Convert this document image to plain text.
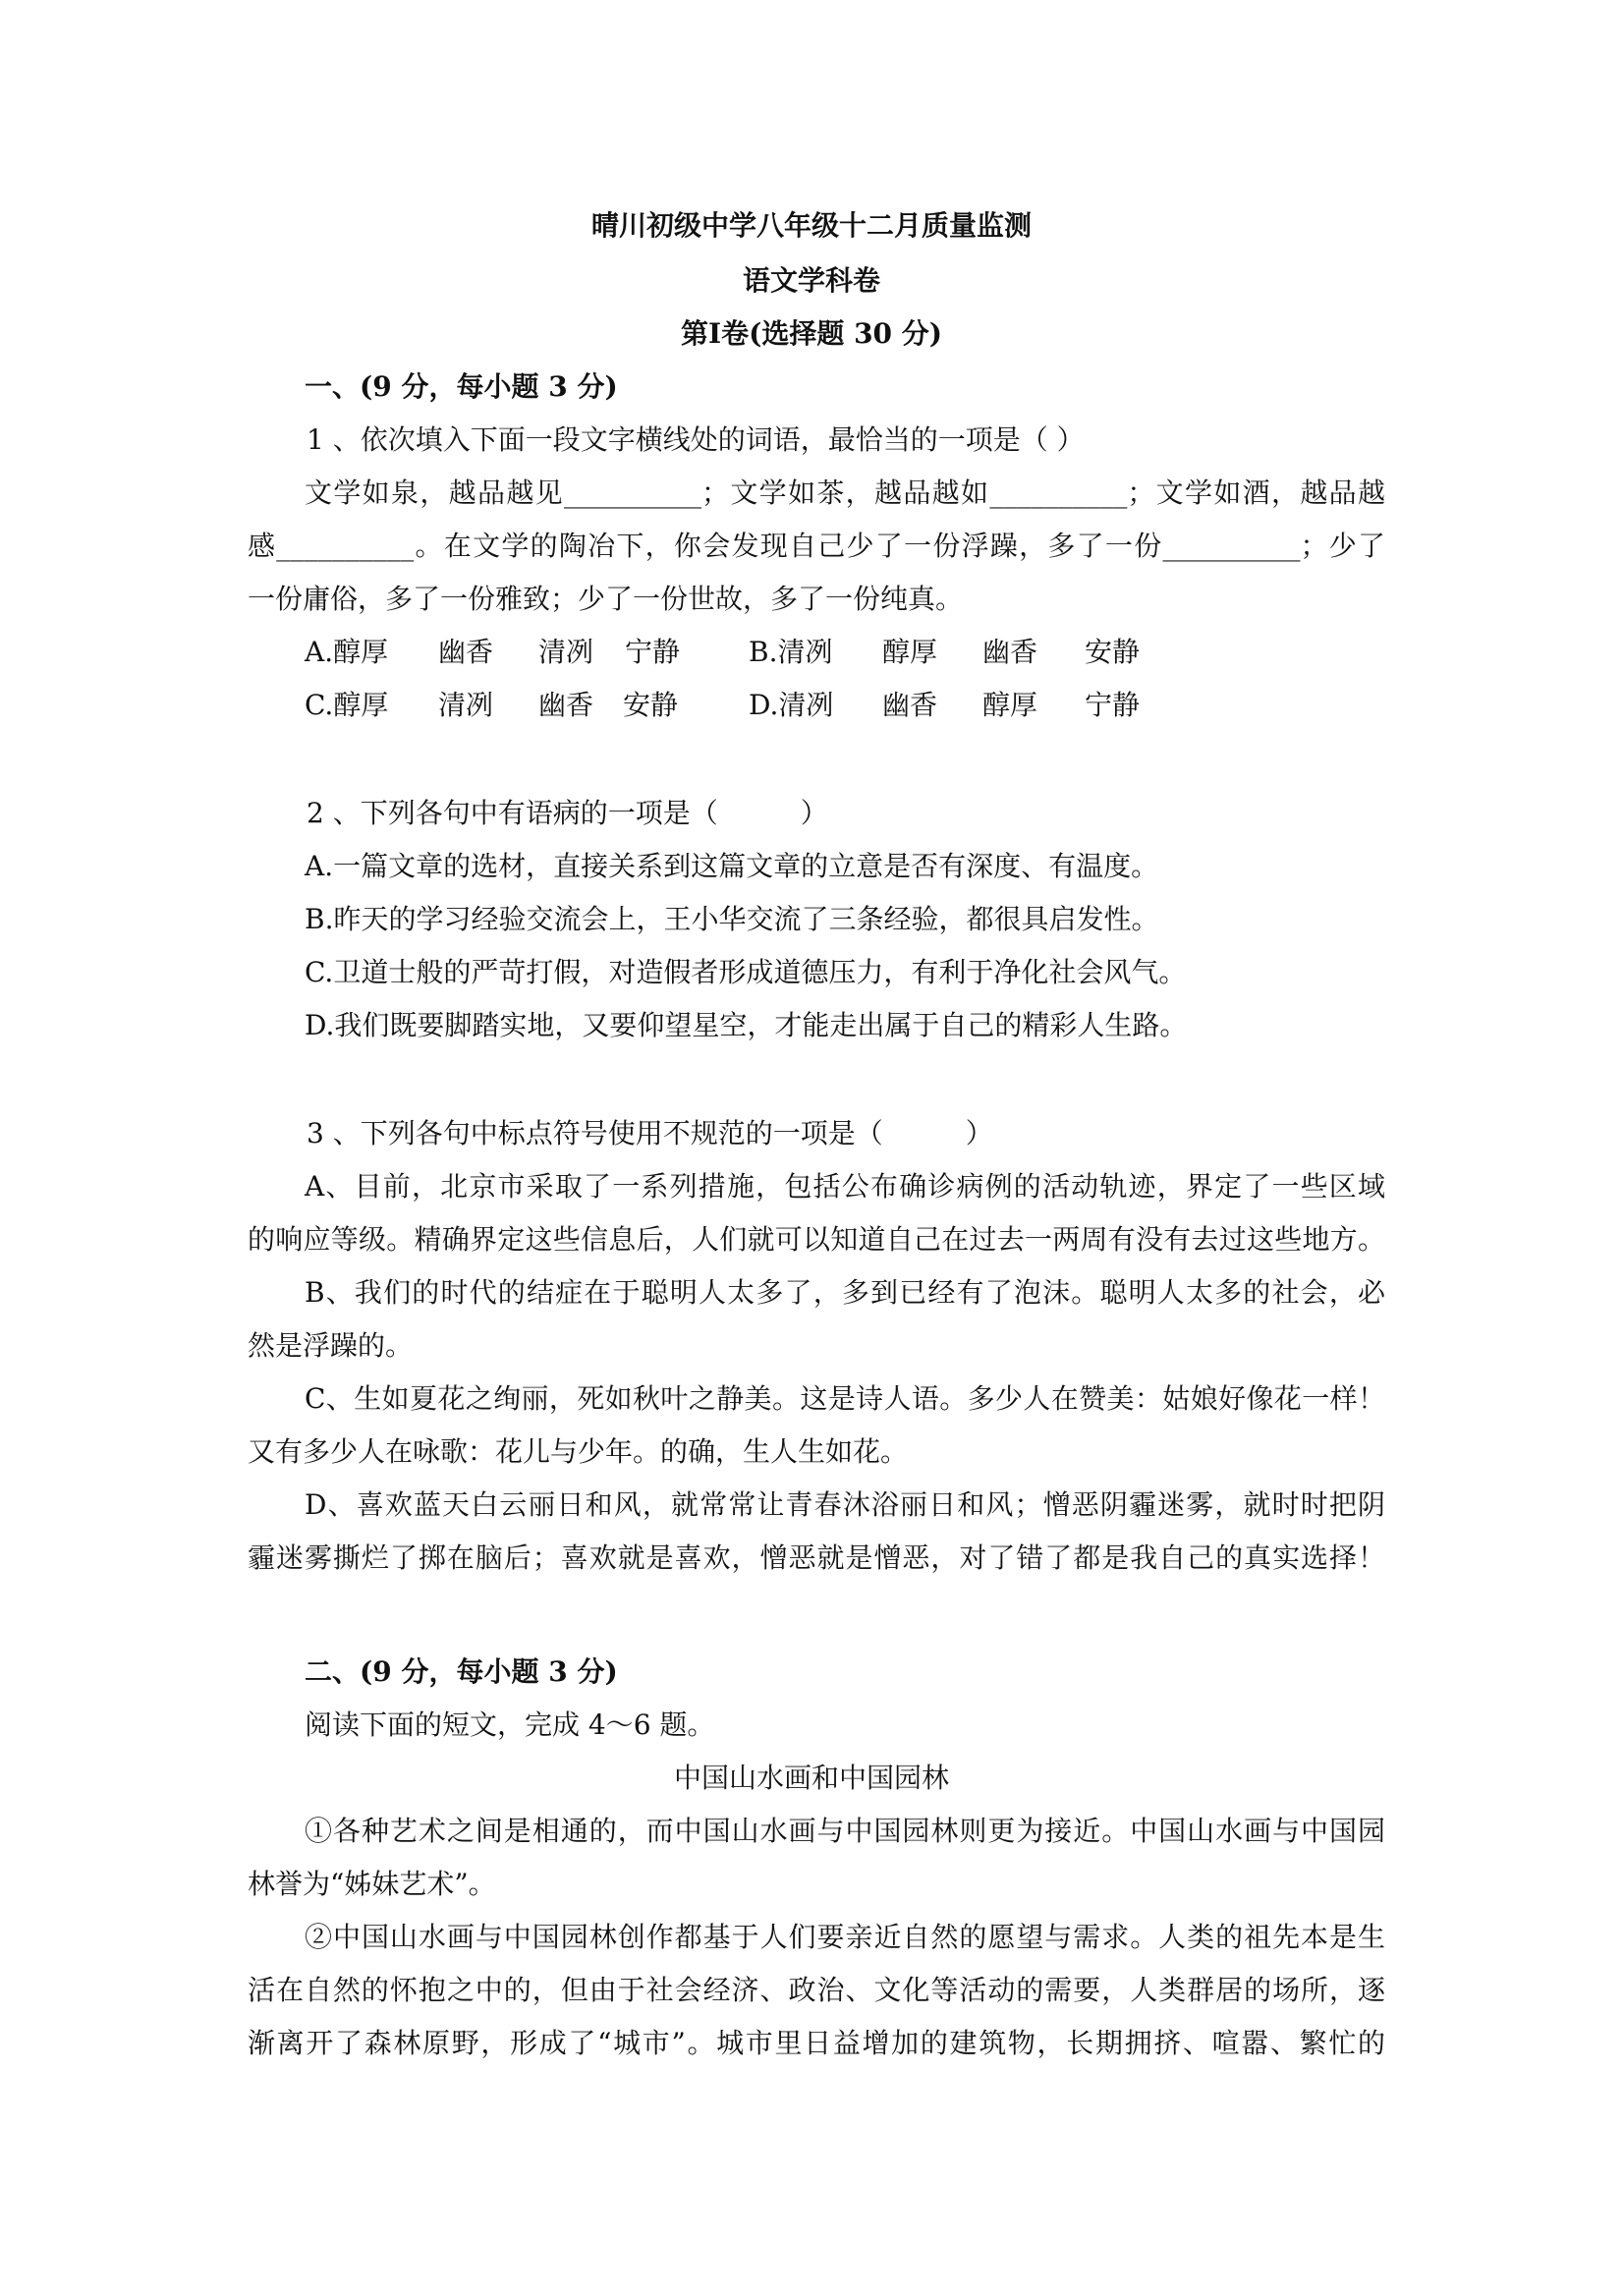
晴川初级中学八年级十二月质量监测
语文学科卷
第Ⅰ卷(选择题 30 分)
一、(9 分，每小题 3 分)
1 、依次填入下面一段文字横线处的词语，最恰当的一项是（ ）
文学如泉，越品越见__________；文学如茶，越品越如__________；文学如酒，越品越
感__________。在文学的陶冶下，你会发现自己少了一份浮躁，多了一份__________；少了
一份庸俗，多了一份雅致；少了一份世故，多了一份纯真。
A.醇厚 幽香 清冽 宁静 B.清冽 醇厚 幽香 安静
C.醇厚 清冽 幽香 安静	D.清冽 幽香 醇厚 宁静
2 、下列各句中有语病的一项是（　　　）
A.一篇文章的选材，直接关系到这篇文章的立意是否有深度、有温度。
B.昨天的学习经验交流会上，王小华交流了三条经验，都很具启发性。
C.卫道士般的严苛打假，对造假者形成道德压力，有利于净化社会风气。
D.我们既要脚踏实地，又要仰望星空，才能走出属于自己的精彩人生路。
3 、下列各句中标点符号使用不规范的一项是（　　　）
A、目前，北京市采取了一系列措施，包括公布确诊病例的活动轨迹，界定了一些区域
的响应等级。精确界定这些信息后，人们就可以知道自己在过去一两周有没有去过这些地方。
B、我们的时代的结症在于聪明人太多了，多到已经有了泡沫。聪明人太多的社会，必
然是浮躁的。
C、生如夏花之绚丽，死如秋叶之静美。这是诗人语。多少人在赞美：姑娘好像花一样！
又有多少人在咏歌：花儿与少年。的确，生人生如花。
D、喜欢蓝天白云丽日和风，就常常让青春沐浴丽日和风；憎恶阴霾迷雾，就时时把阴
霾迷雾撕烂了掷在脑后；喜欢就是喜欢，憎恶就是憎恶，对了错了都是我自己的真实选择！
二、(9 分，每小题 3 分)
阅读下面的短文，完成 4～6 题。
中国山水画和中国园林
①各种艺术之间是相通的，而中国山水画与中国园林则更为接近。中国山水画与中国园
林誉为“姊妹艺术”。
②中国山水画与中国园林创作都基于人们要亲近自然的愿望与需求。人类的祖先本是生
活在自然的怀抱之中的，但由于社会经济、政治、文化等活动的需要，人类群居的场所，逐
渐离开了森林原野，形成了“城市”。城市里日益增加的建筑物，长期拥挤、喧嚣、繁忙的
